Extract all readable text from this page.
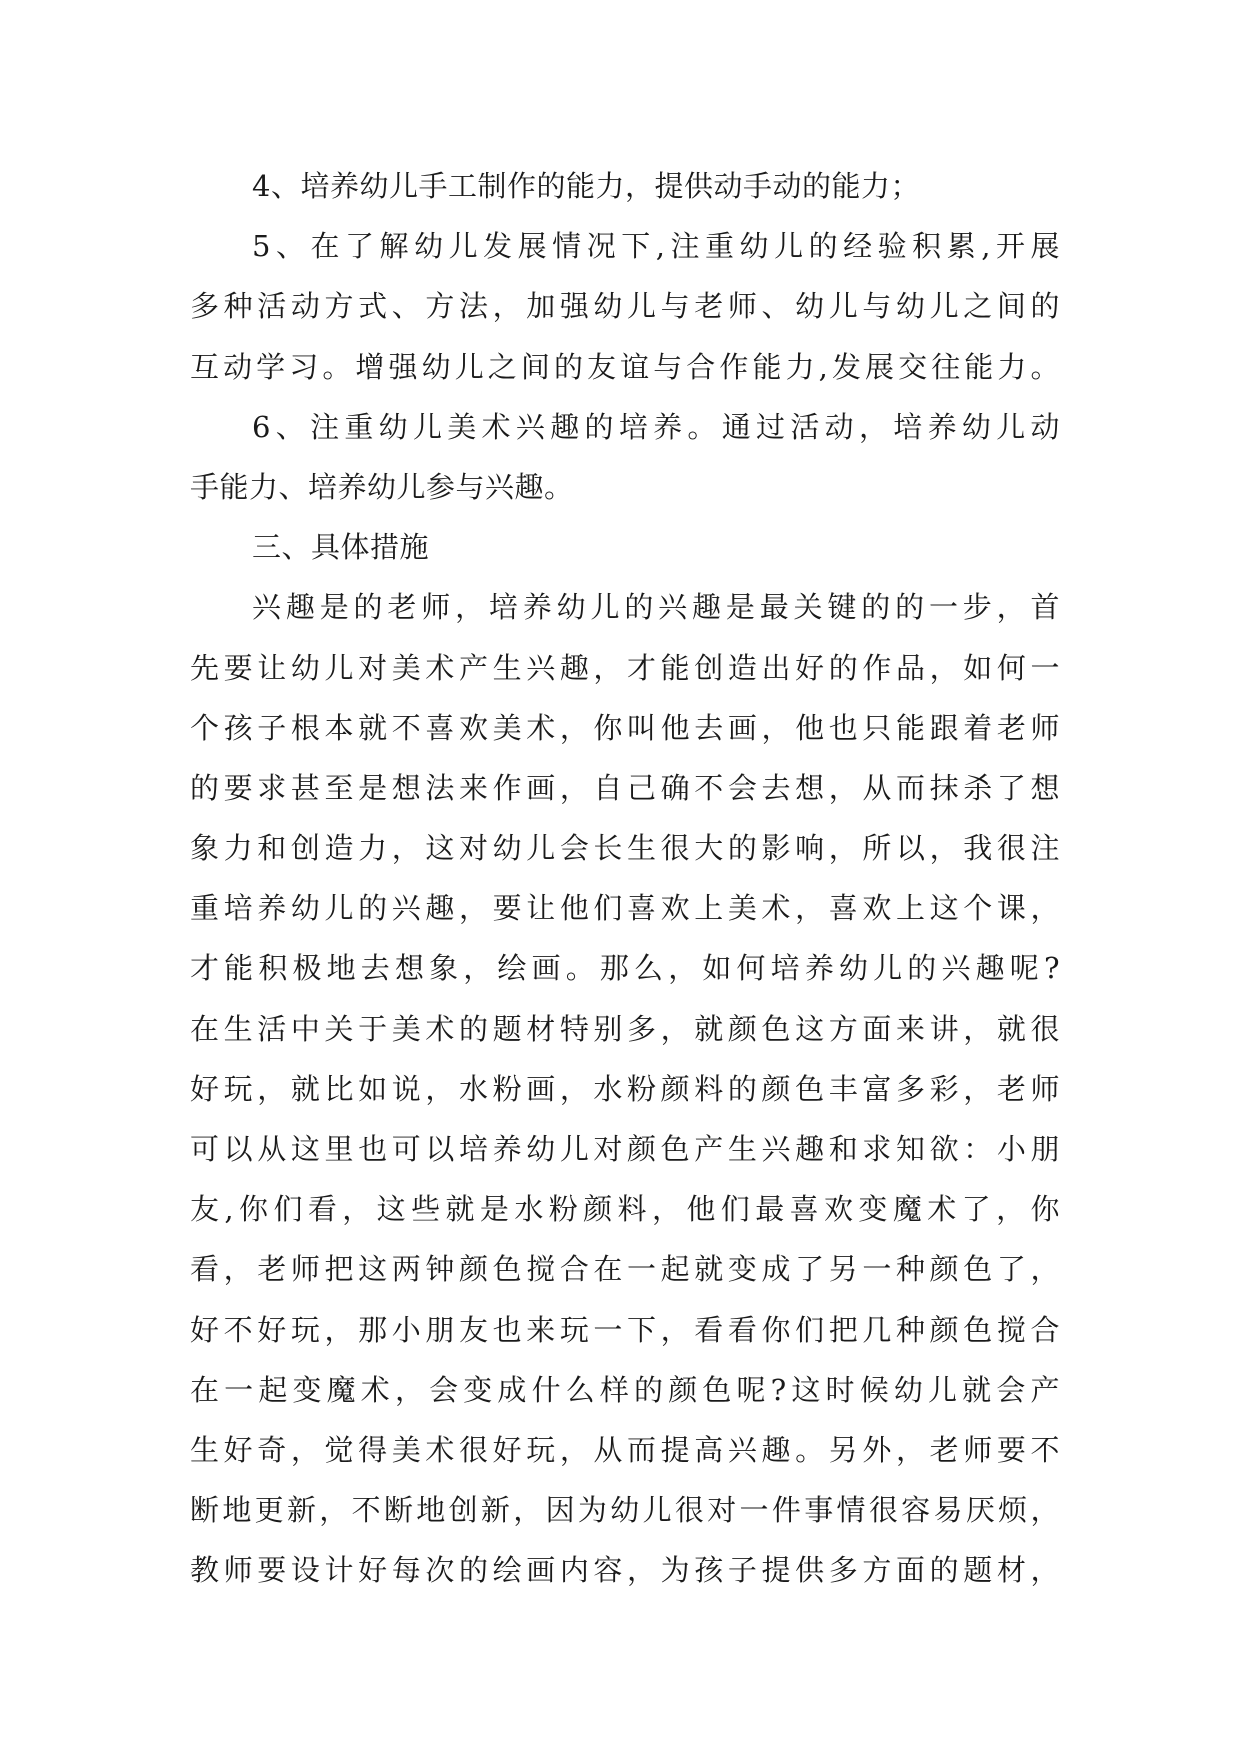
4、培养幼儿手工制作的能力，提供动手动的能力；
5、在了解幼儿发展情况下,注重幼儿的经验积累,开展
多种活动方式、方法，加强幼儿与老师、幼儿与幼儿之间的
互动学习。增强幼儿之间的友谊与合作能力,发展交往能力。
6、注重幼儿美术兴趣的培养。通过活动，培养幼儿动
手能力、培养幼儿参与兴趣。
三、具体措施
兴趣是的老师，培养幼儿的兴趣是最关键的的一步，首
先要让幼儿对美术产生兴趣，才能创造出好的作品，如何一
个孩子根本就不喜欢美术，你叫他去画，他也只能跟着老师
的要求甚至是想法来作画，自己确不会去想，从而抹杀了想
象力和创造力，这对幼儿会长生很大的影响，所以，我很注
重培养幼儿的兴趣，要让他们喜欢上美术，喜欢上这个课，
才能积极地去想象，绘画。那么，如何培养幼儿的兴趣呢?
在生活中关于美术的题材特别多，就颜色这方面来讲，就很
好玩，就比如说，水粉画，水粉颜料的颜色丰富多彩，老师
可以从这里也可以培养幼儿对颜色产生兴趣和求知欲：小朋
友,你们看，这些就是水粉颜料，他们最喜欢变魔术了，你
看，老师把这两钟颜色搅合在一起就变成了另一种颜色了，
好不好玩，那小朋友也来玩一下，看看你们把几种颜色搅合
在一起变魔术，会变成什么样的颜色呢?这时候幼儿就会产
生好奇，觉得美术很好玩，从而提高兴趣。另外，老师要不
断地更新，不断地创新，因为幼儿很对一件事情很容易厌烦，
教师要设计好每次的绘画内容，为孩子提供多方面的题材，
